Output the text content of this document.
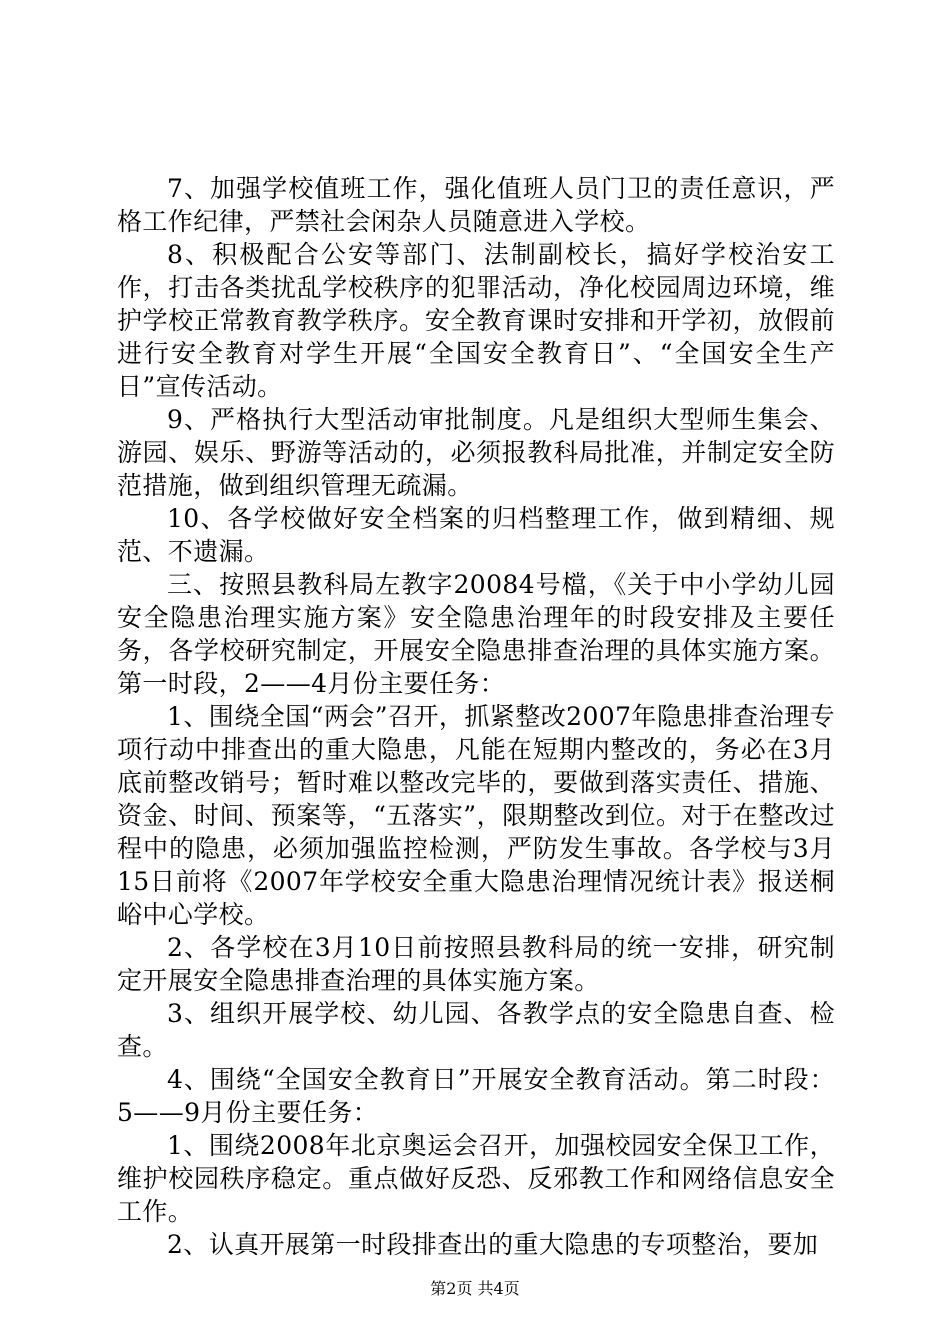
7、加强学校值班工作，强化值班人员门卫的责任意识，严格工作纪律，严禁社会闲杂人员随意进入学校。

8、积极配合公安等部门、法制副校长，搞好学校治安工作，打击各类扰乱学校秩序的犯罪活动，净化校园周边环境，维护学校正常教育教学秩序。安全教育课时安排和开学初，放假前进行安全教育对学生开展“全国安全教育日”、“全国安全生产日”宣传活动。

9、严格执行大型活动审批制度。凡是组织大型师生集会、游园、娱乐、野游等活动的，必须报教科局批准，并制定安全防范措施，做到组织管理无疏漏。

10、各学校做好安全档案的归档整理工作，做到精细、规范、不遗漏。

三、按照县教科局左教字20084号檔，《关于中小学幼儿园安全隐患治理实施方案》安全隐患治理年的时段安排及主要任务，各学校研究制定，开展安全隐患排查治理的具体实施方案。第一时段，2——4月份主要任务：

1、围绕全国“两会”召开，抓紧整改2007年隐患排查治理专项行动中排查出的重大隐患，凡能在短期内整改的，务必在3月底前整改销号；暂时难以整改完毕的，要做到落实责任、措施、资金、时间、预案等，“五落实”，限期整改到位。对于在整改过程中的隐患，必须加强监控检测，严防发生事故。各学校与3月15日前将《2007年学校安全重大隐患治理情况统计表》报送桐峪中心学校。

2、各学校在3月10日前按照县教科局的统一安排，研究制定开展安全隐患排查治理的具体实施方案。

3、组织开展学校、幼儿园、各教学点的安全隐患自查、检查。

4、围绕“全国安全教育日”开展安全教育活动。第二时段：5——9月份主要任务：

1、围绕2008年北京奥运会召开，加强校园安全保卫工作，维护校园秩序稳定。重点做好反恐、反邪教工作和网络信息安全工作。

2、认真开展第一时段排查出的重大隐患的专项整治，要加

第2页 共4页
